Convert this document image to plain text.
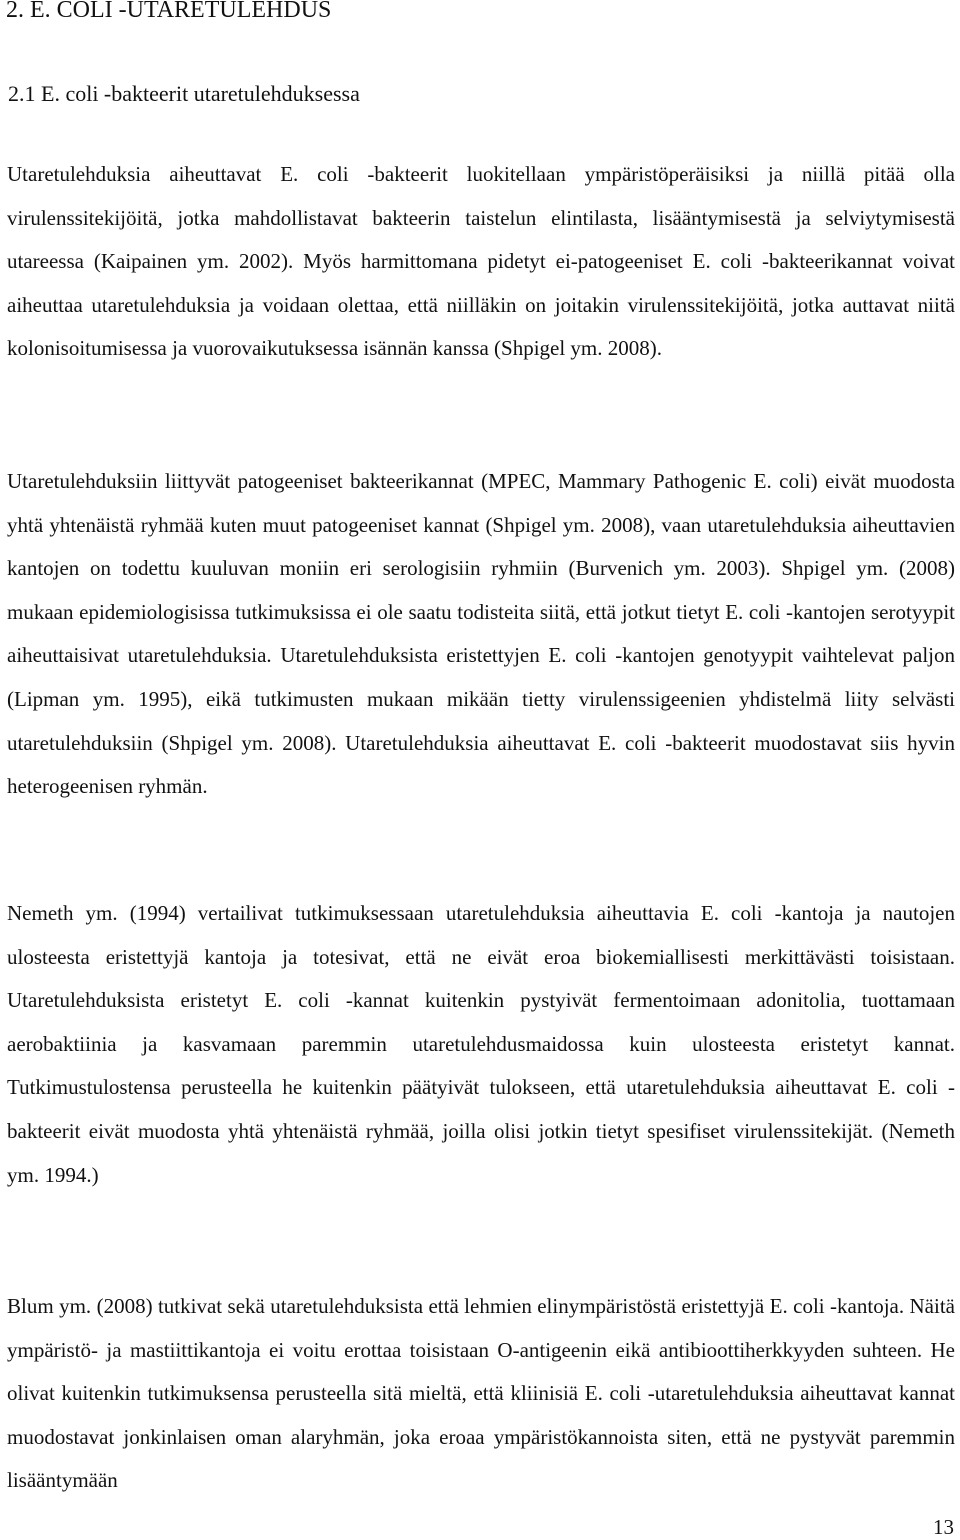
2. E. COLI -UTARETULEHDUS
2.1 E. coli -bakteerit utaretulehduksessa

Utaretulehduksia aiheuttavat E. coli -bakteerit luokitellaan ympäristöperäisiksi ja niillä pitää olla virulenssitekijöitä, jotka mahdollistavat bakteerin taistelun elintilasta, lisääntymisestä ja selviytymisestä utareessa (Kaipainen ym. 2002). Myös harmittomana pidetyt ei-patogeeniset E. coli -bakteerikannat voivat aiheuttaa utaretulehduksia ja voidaan olettaa, että niilläkin on joitakin virulenssitekijöitä, jotka auttavat niitä kolonisoitumisessa ja vuorovaikutuksessa isännän kanssa (Shpigel ym. 2008).

Utaretulehduksiin liittyvät patogeeniset bakteerikannat (MPEC, Mammary Pathogenic E. coli) eivät muodosta yhtä yhtenäistä ryhmää kuten muut patogeeniset kannat (Shpigel ym. 2008), vaan utaretulehduksia aiheuttavien kantojen on todettu kuuluvan moniin eri serologisiin ryhmiin (Burvenich ym. 2003). Shpigel ym. (2008) mukaan epidemiologisissa tutkimuksissa ei ole saatu todisteita siitä, että jotkut tietyt E. coli -kantojen serotyypit aiheuttaisivat utaretulehduksia. Utaretulehduksista eristettyjen E. coli -kantojen genotyypit vaihtelevat paljon (Lipman ym. 1995), eikä tutkimusten mukaan mikään tietty virulenssigeenien yhdistelmä liity selvästi utaretulehduksiin (Shpigel ym. 2008). Utaretulehduksia aiheuttavat E. coli -bakteerit muodostavat siis hyvin heterogeenisen ryhmän.

Nemeth ym. (1994) vertailivat tutkimuksessaan utaretulehduksia aiheuttavia E. coli -kantoja ja nautojen ulosteesta eristettyjä kantoja ja totesivat, että ne eivät eroa biokemiallisesti merkittävästi toisistaan. Utaretulehduksista eristetyt E. coli -kannat kuitenkin pystyivät fermentoimaan adonitolia, tuottamaan aerobaktiinia ja kasvamaan paremmin utaretulehdusmaidossa kuin ulosteesta eristetyt kannat. Tutkimustulostensa perusteella he kuitenkin päätyivät tulokseen, että utaretulehduksia aiheuttavat E. coli -bakteerit eivät muodosta yhtä yhtenäistä ryhmää, joilla olisi jotkin tietyt spesifiset virulenssitekijät. (Nemeth ym. 1994.)

Blum ym. (2008) tutkivat sekä utaretulehduksista että lehmien elinympäristöstä eristettyjä E. coli -kantoja. Näitä ympäristö- ja mastiittikantoja ei voitu erottaa toisistaan O-antigeenin eikä antibioottiherkkyyden suhteen. He olivat kuitenkin tutkimuksensa perusteella sitä mieltä, että kliinisiä E. coli -utaretulehduksia aiheuttavat kannat muodostavat jonkinlaisen oman alaryhmän, joka eroaa ympäristökannoista siten, että ne pystyvät paremmin lisääntymään

13
